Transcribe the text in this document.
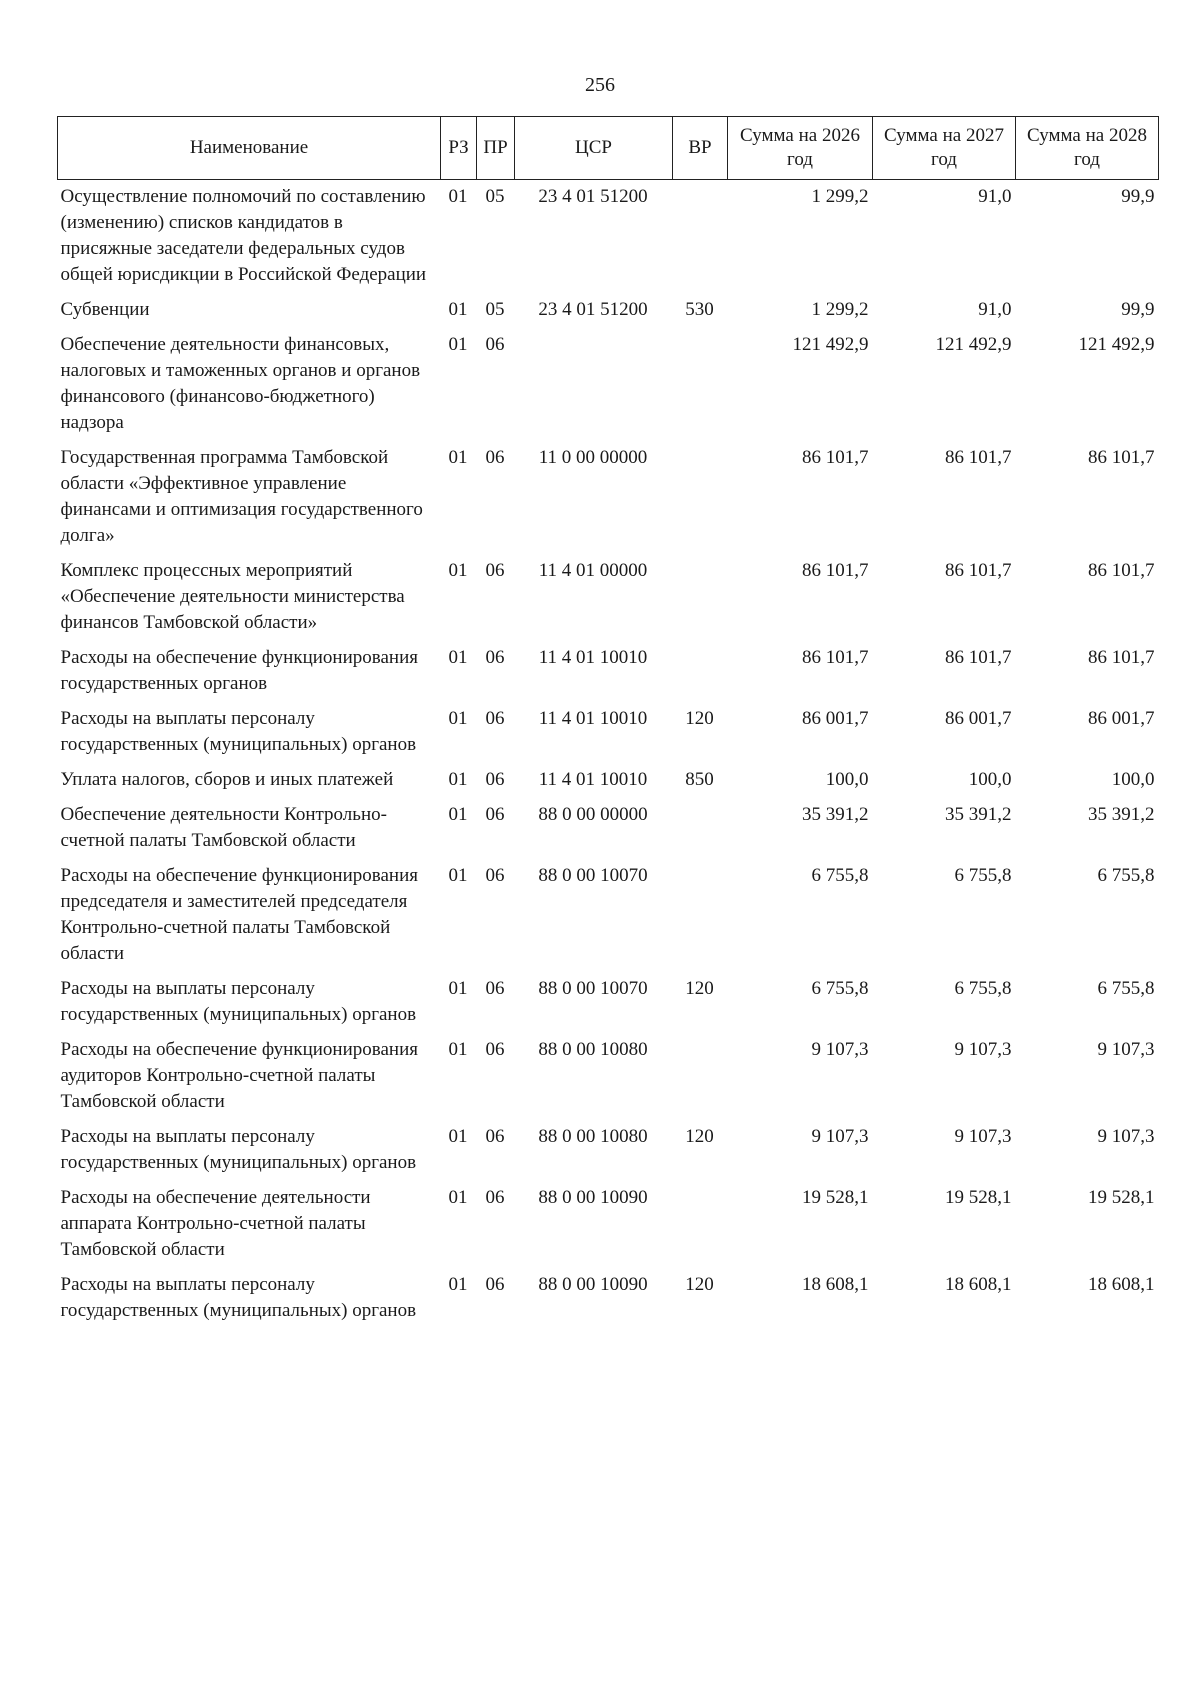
256
Наименование	РЗ	ПР	ЦСР	ВР	Сумма на 2026 год	Сумма на 2027 год	Сумма на 2028 год
Осуществление полномочий по составлению (изменению) списков кандидатов в присяжные заседатели федеральных судов общей юрисдикции в Российской Федерации	01	05	23 4 01 51200		1 299,2	91,0	99,9
Субвенции	01	05	23 4 01 51200	530	1 299,2	91,0	99,9
Обеспечение деятельности финансовых, налоговых и таможенных органов и органов финансового (финансово-бюджетного) надзора	01	06			121 492,9	121 492,9	121 492,9
Государственная программа Тамбовской области «Эффективное управление финансами и оптимизация государственного долга»	01	06	11 0 00 00000		86 101,7	86 101,7	86 101,7
Комплекс процессных мероприятий «Обеспечение деятельности министерства финансов Тамбовской области»	01	06	11 4 01 00000		86 101,7	86 101,7	86 101,7
Расходы на обеспечение функционирования государственных органов	01	06	11 4 01 10010		86 101,7	86 101,7	86 101,7
Расходы на выплаты персоналу государственных (муниципальных) органов	01	06	11 4 01 10010	120	86 001,7	86 001,7	86 001,7
Уплата налогов, сборов и иных платежей	01	06	11 4 01 10010	850	100,0	100,0	100,0
Обеспечение деятельности Контрольно-счетной палаты Тамбовской области	01	06	88 0 00 00000		35 391,2	35 391,2	35 391,2
Расходы на обеспечение функционирования председателя и заместителей председателя Контрольно-счетной палаты Тамбовской области	01	06	88 0 00 10070		6 755,8	6 755,8	6 755,8
Расходы на выплаты персоналу государственных (муниципальных) органов	01	06	88 0 00 10070	120	6 755,8	6 755,8	6 755,8
Расходы на обеспечение функционирования аудиторов Контрольно-счетной палаты Тамбовской области	01	06	88 0 00 10080		9 107,3	9 107,3	9 107,3
Расходы на выплаты персоналу государственных (муниципальных) органов	01	06	88 0 00 10080	120	9 107,3	9 107,3	9 107,3
Расходы на обеспечение деятельности аппарата Контрольно-счетной палаты Тамбовской области	01	06	88 0 00 10090		19 528,1	19 528,1	19 528,1
Расходы на выплаты персоналу государственных (муниципальных) органов	01	06	88 0 00 10090	120	18 608,1	18 608,1	18 608,1
